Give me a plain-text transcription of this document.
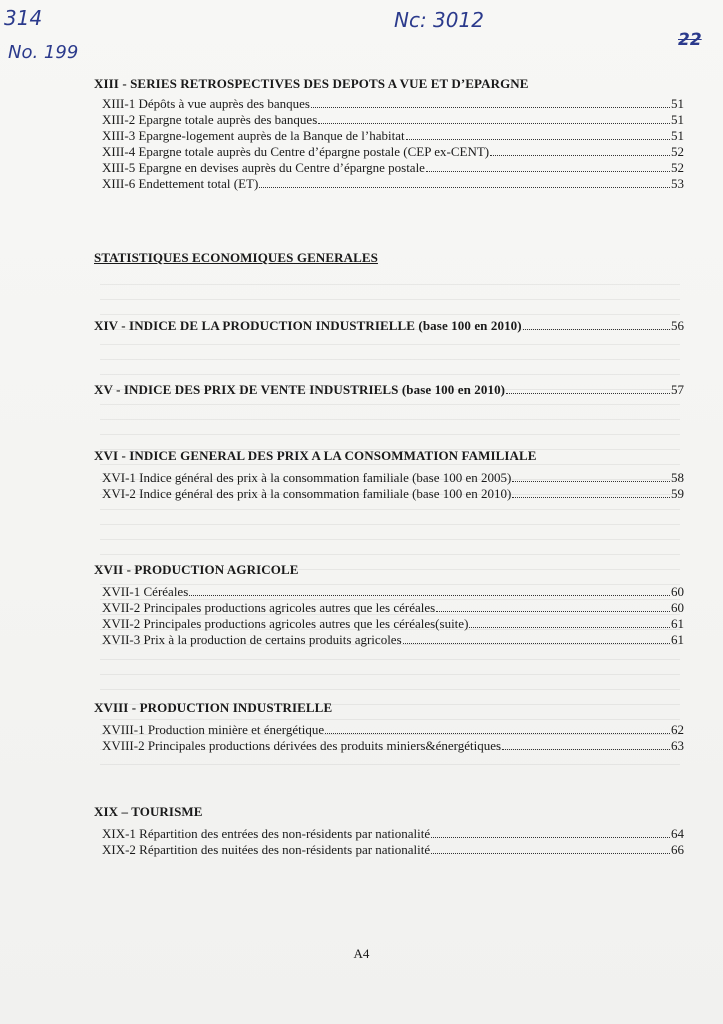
314
No. 199
Nc: 3012
22
XIII - SERIES RETROSPECTIVES DES DEPOTS A VUE ET D’EPARGNE
XIII-1 Dépôts à vue auprès des banques	51
XIII-2 Epargne totale auprès des banques	51
XIII-3 Epargne-logement auprès de la Banque de l’habitat	51
XIII-4 Epargne totale auprès du Centre d’épargne postale (CEP ex-CENT)	52
XIII-5 Epargne en devises auprès du Centre d’épargne postale	52
XIII-6 Endettement total (ET)	53
STATISTIQUES ECONOMIQUES GENERALES
XIV - INDICE DE LA PRODUCTION INDUSTRIELLE (base 100 en 2010)	56
XV - INDICE DES PRIX DE VENTE INDUSTRIELS (base 100 en 2010)	57
XVI - INDICE GENERAL DES PRIX A LA CONSOMMATION FAMILIALE
XVI-1 Indice général des prix à la consommation familiale (base 100 en 2005)	58
XVI-2 Indice général des prix à la consommation familiale (base 100 en 2010)	59
XVII - PRODUCTION AGRICOLE
XVII-1 Céréales	60
XVII-2 Principales productions agricoles autres que les céréales	60
XVII-2 Principales productions agricoles autres que les céréales(suite)	61
XVII-3 Prix à la production de certains produits agricoles	61
XVIII - PRODUCTION INDUSTRIELLE
XVIII-1 Production minière et énergétique	62
XVIII-2 Principales productions dérivées des produits miniers&énergétiques	63
XIX – TOURISME
XIX-1 Répartition des entrées des non-résidents par nationalité	64
XIX-2 Répartition des nuitées des non-résidents par nationalité	66
A4
